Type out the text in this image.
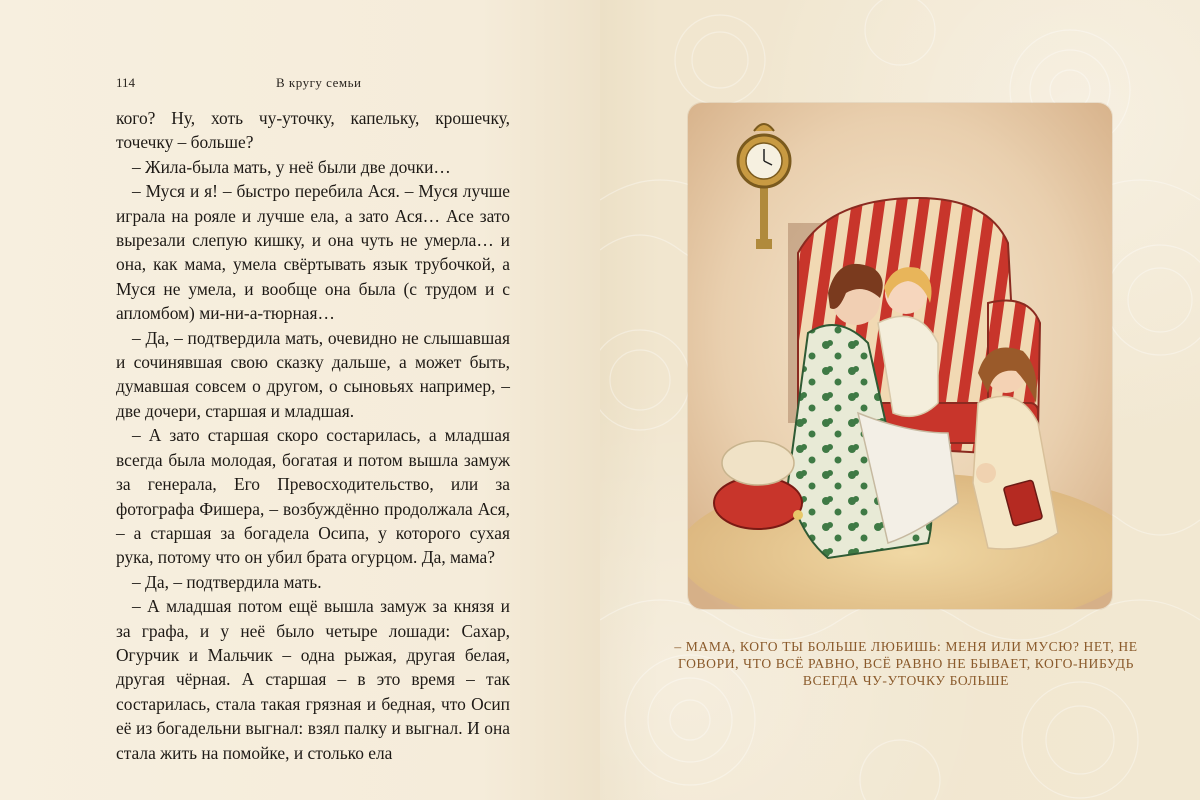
114	В кругу семьи

кого? Ну, хоть чу-уточку, капельку, крошечку, точечку – больше?

– Жила-была мать, у неё были две дочки…

– Муся и я! – быстро перебила Ася. – Муся лучше играла на рояле и лучше ела, а зато Ася… Асе зато вырезали слепую кишку, и она чуть не умерла… и она, как мама, умела свёртывать язык трубочкой, а Муся не умела, и вообще она была (с трудом и с апломбом) ми-ни-а-тюрная…

– Да, – подтвердила мать, очевидно не слышавшая и сочинявшая свою сказку дальше, а может быть, думавшая совсем о другом, о сыновьях например, – две дочери, старшая и младшая.

– А зато старшая скоро состарилась, а младшая всегда была молодая, богатая и потом вышла замуж за генерала, Его Превосходительство, или за фотографа Фишера, – возбуждённо продолжала Ася, – а старшая за богадела Осипа, у которого сухая рука, потому что он убил брата огурцом. Да, мама?

– Да, – подтвердила мать.

– А младшая потом ещё вышла замуж за князя и за графа, и у неё было четыре лошади: Сахар, Огурчик и Мальчик – одна рыжая, другая белая, другая чёрная. А старшая – в это время – так состарилась, стала такая грязная и бедная, что Осип её из богадельни выгнал: взял палку и выгнал. И она стала жить на помойке, и столько ела

– МАМА, КОГО ТЫ БОЛЬШЕ ЛЮБИШЬ: МЕНЯ ИЛИ МУСЮ? НЕТ, НЕ ГОВОРИ, ЧТО ВСЁ РАВНО, ВСЁ РАВНО НЕ БЫВАЕТ, КОГО-НИБУДЬ ВСЕГДА ЧУ-УТОЧКУ БОЛЬШЕ
